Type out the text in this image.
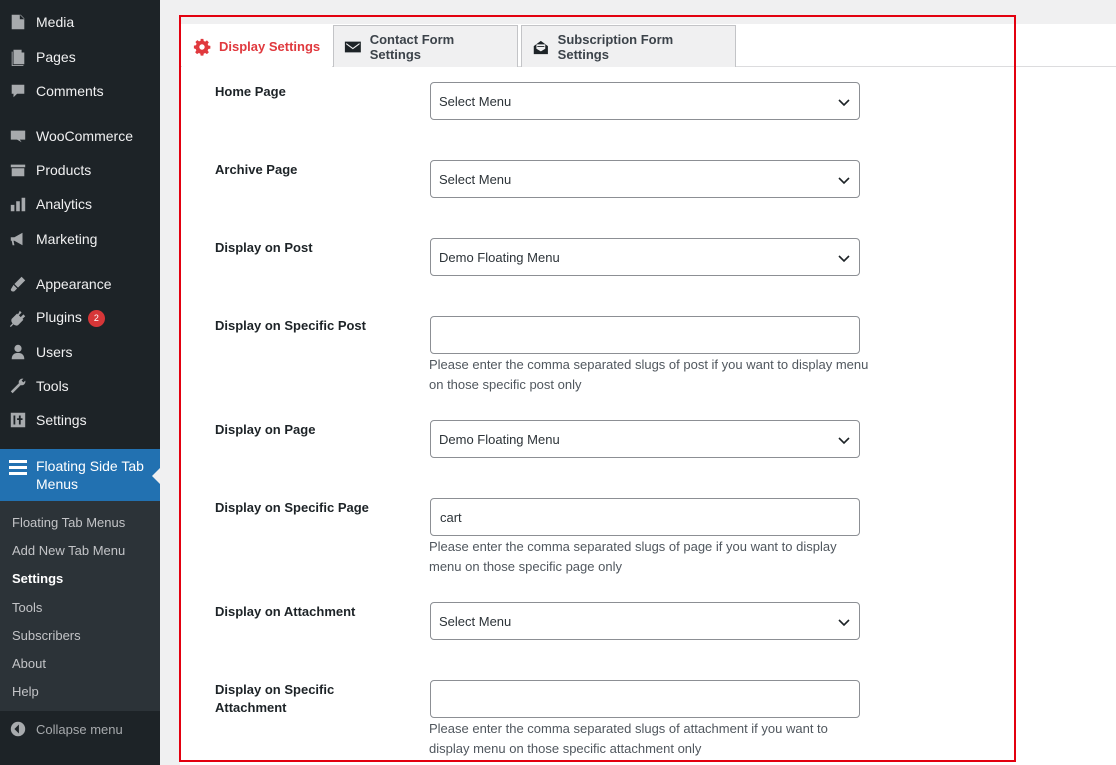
Media
Pages
Comments
WooCommerce
Products
Analytics
Marketing
Appearance
Plugins 2
Users
Tools
Settings
Floating Side Tab Menus
Floating Tab Menus
Add New Tab Menu
Settings
Tools
Subscribers
About
Help
Collapse menu
Display Settings	Contact Form Settings
Subscription Form Settings
Home Page
Select Menu
Archive Page
Select Menu
Display on Post
Demo Floating Menu
Display on Specific Post
Please enter the comma separated slugs of post if you want to display menu on those specific post only
Display on Page
Demo Floating Menu
Display on Specific Page
cart
Please enter the comma separated slugs of page if you want to display menu on those specific page only
Display on Attachment
Select Menu
Display on Specific Attachment
Please enter the comma separated slugs of attachment if you want to display menu on those specific attachment only
